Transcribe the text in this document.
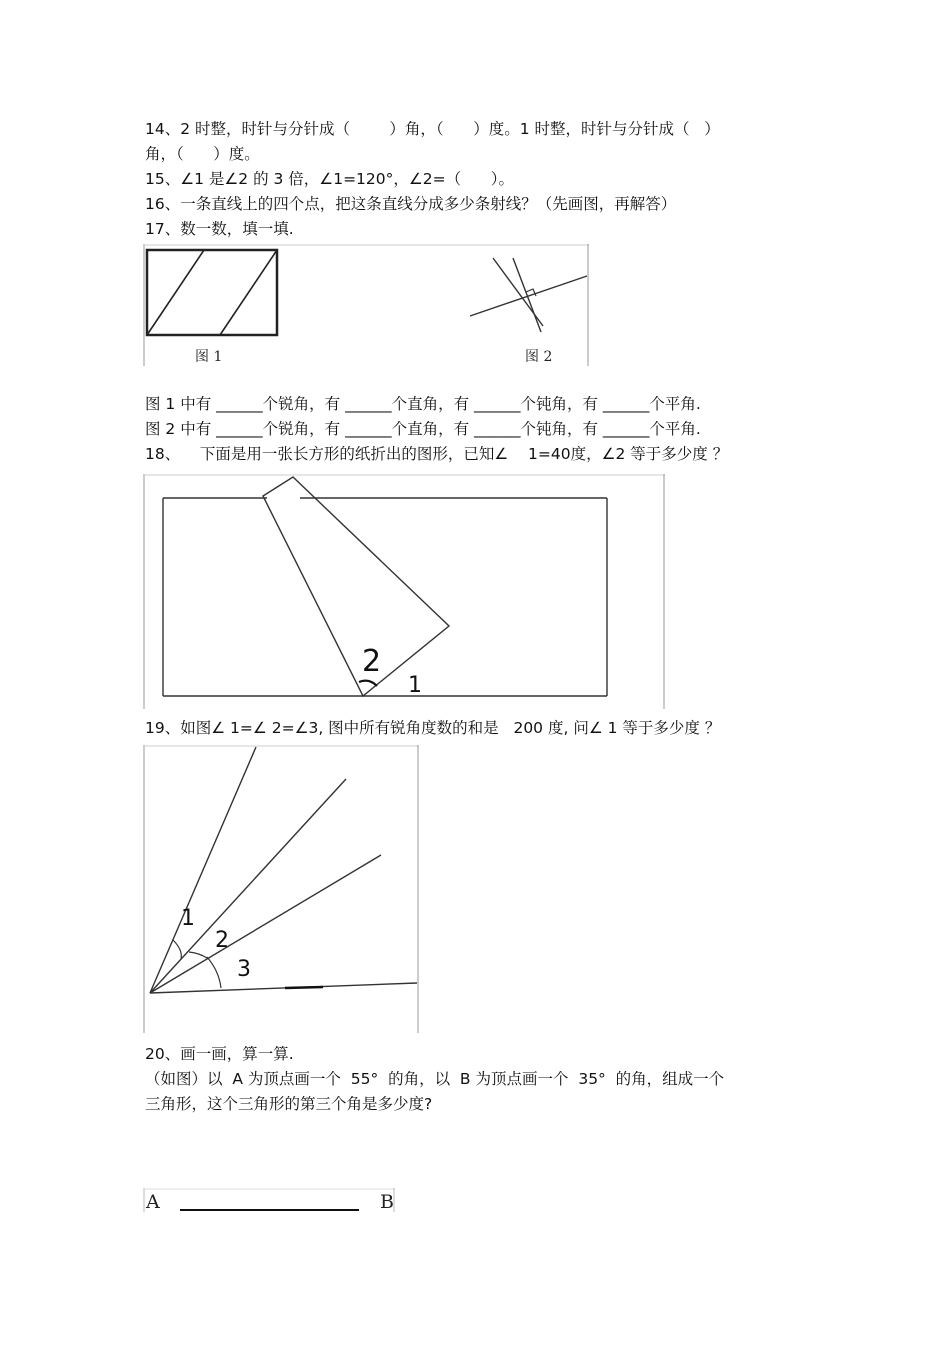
14、2 时整，时针与分针成（        ）角，（      ）度。1 时整，时针与分针成（   ）
角，（      ）度。
15、∠1 是∠2 的 3 倍，∠1=120°，∠2=（      ）。
16、一条直线上的四个点，把这条直线分成多少条射线？（先画图，再解答）
17、数一数，填一填.
图 1	图 2
图 1 中有 ______个锐角，有 ______个直角，有 ______个钝角，有 ______个平角.
图 2 中有 ______个锐角，有 ______个直角，有 ______个钝角，有 ______个平角.
18、    下面是用一张长方形的纸折出的图形，已知∠    1=40度，∠2 等于多少度 ？
2
1
19、如图∠ 1=∠ 2=∠3, 图中所有锐角度数的和是   200 度, 问∠ 1 等于多少度 ？
1
2
3
20、画一画，算一算.
（如图）以  A 为顶点画一个  55°  的角，以  B 为顶点画一个  35°  的角，组成一个
三角形，这个三角形的第三个角是多少度?
A	B
